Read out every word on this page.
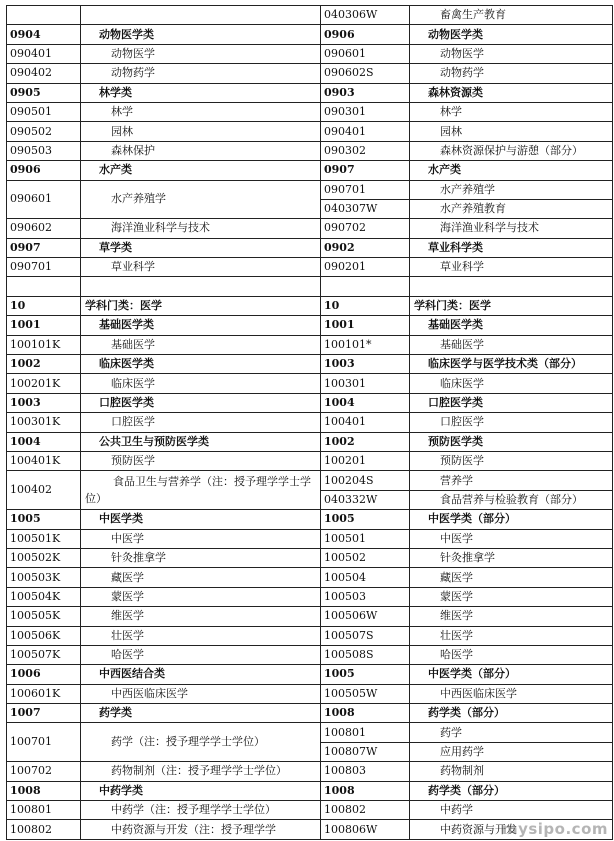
		040306W	畜禽生产教育
0904	动物医学类	0906	动物医学类
090401	动物医学	090601	动物医学
090402	动物药学	090602S	动物药学
0905	林学类	0903	森林资源类
090501	林学	090301	林学
090502	园林	090401	园林
090503	森林保护	090302	森林资源保护与游憩（部分）
0906	水产类	0907	水产类
090601	水产养殖学	090701	水产养殖学
		040307W	水产养殖教育
090602	海洋渔业科学与技术	090702	海洋渔业科学与技术
0907	草学类	0902	草业科学类
090701	草业科学	090201	草业科学

10	学科门类：医学	10	学科门类：医学
1001	基础医学类	1001	基础医学类
100101K	基础医学	100101*	基础医学
1002	临床医学类	1003	临床医学与医学技术类（部分）
100201K	临床医学	100301	临床医学
1003	口腔医学类	1004	口腔医学类
100301K	口腔医学	100401	口腔医学
1004	公共卫生与预防医学类	1002	预防医学类
100401K	预防医学	100201	预防医学
100402	食品卫生与营养学（注：授予理学学士学位）	100204S	营养学
		040332W	食品营养与检验教育（部分）
1005	中医学类	1005	中医学类（部分）
100501K	中医学	100501	中医学
100502K	针灸推拿学	100502	针灸推拿学
100503K	藏医学	100504	藏医学
100504K	蒙医学	100503	蒙医学
100505K	维医学	100506W	维医学
100506K	壮医学	100507S	壮医学
100507K	哈医学	100508S	哈医学
1006	中西医结合类	1005	中医学类（部分）
100601K	中西医临床医学	100505W	中西医临床医学
1007	药学类	1008	药学类（部分）
100701	药学（注：授予理学学士学位）	100801	药学
		100807W	应用药学
100702	药物制剂（注：授予理学学士学位）	100803	药物制剂
1008	中药学类	1008	药学类（部分）
100801	中药学（注：授予理学学士学位）	100802	中药学
100802	中药资源与开发（注：授予理学学	100806W	中药资源与开发
mysipo.com
